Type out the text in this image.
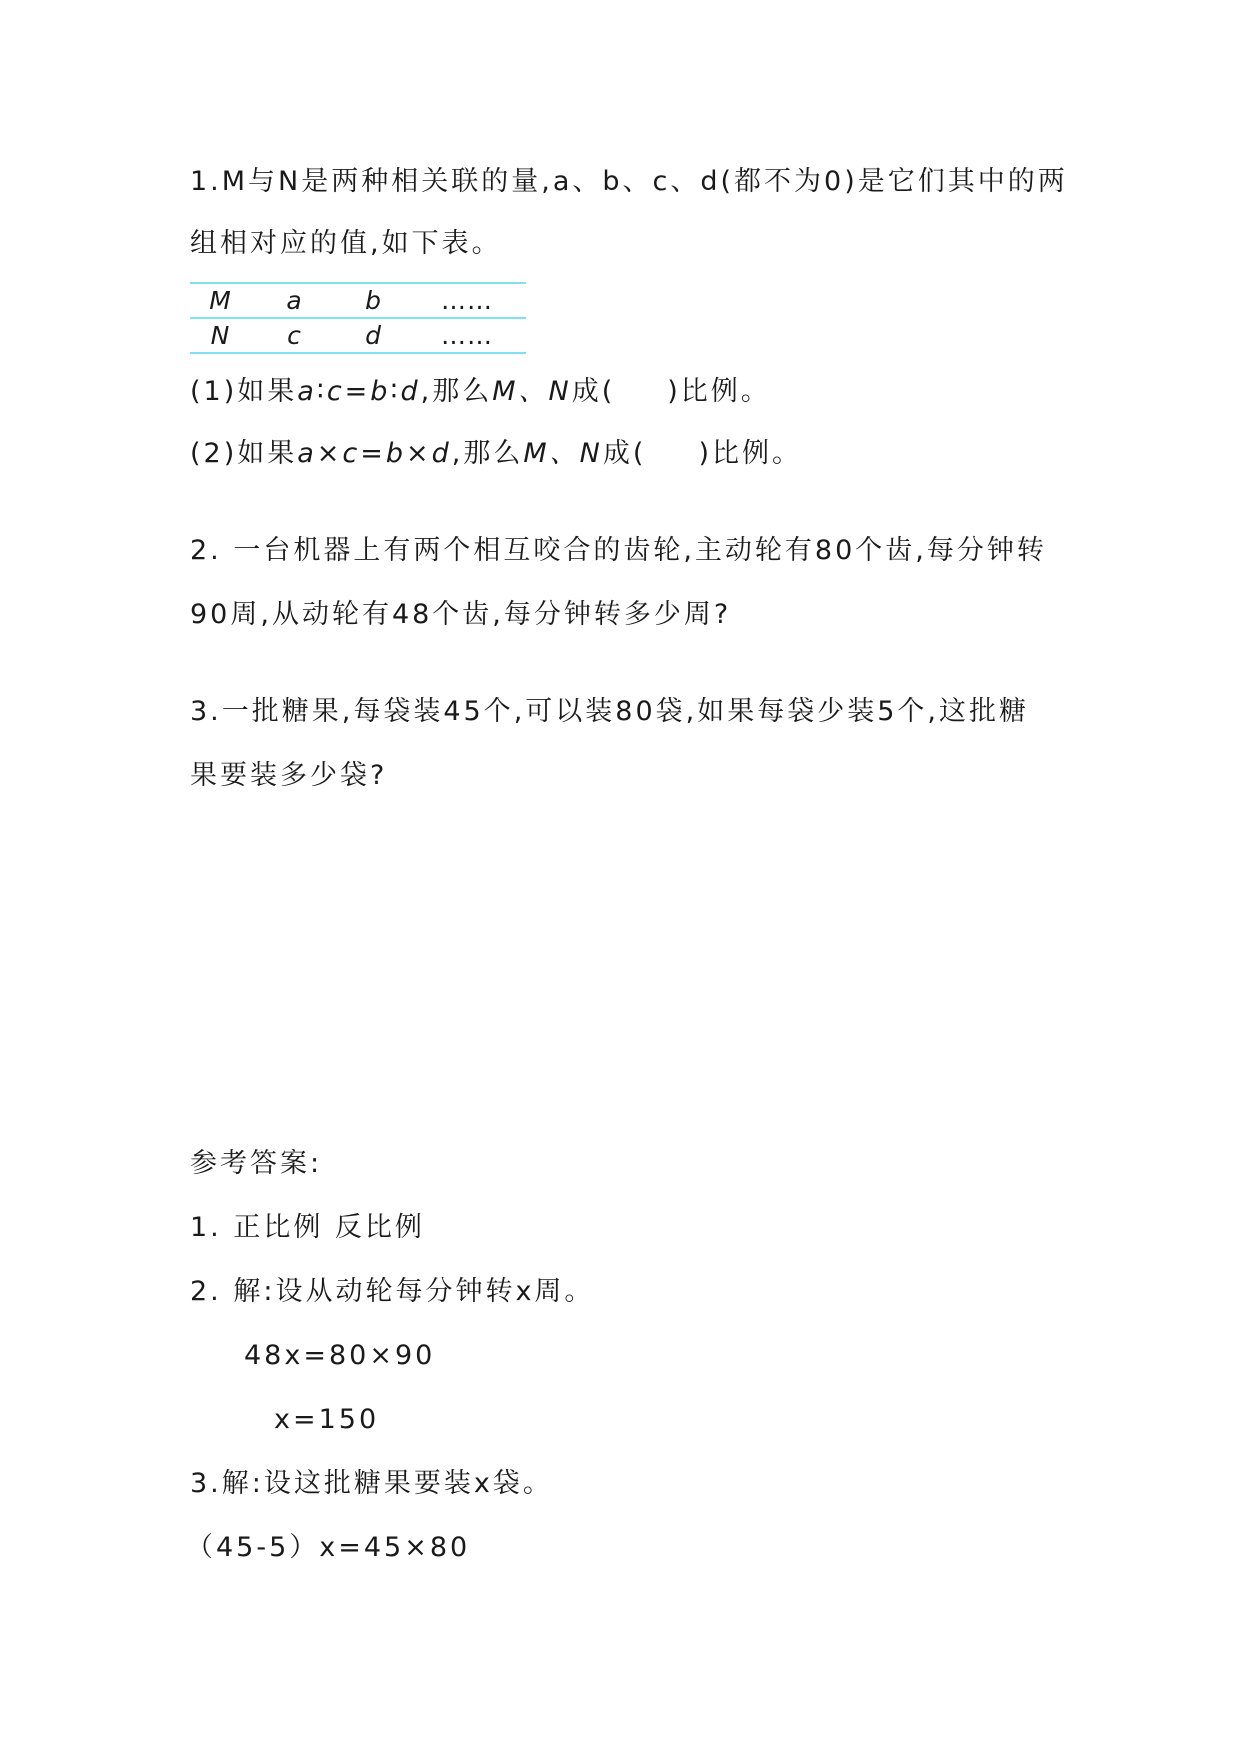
1.M与N是两种相关联的量,a、b、c、d(都不为0)是它们其中的两
组相对应的值,如下表。
M	a	b	……
N	c	d	……
(1)如果a∶c=b∶d,那么M、N成( )比例。
(2)如果a×c=b×d,那么M、N成( )比例。
2. 一台机器上有两个相互咬合的齿轮,主动轮有80个齿,每分钟转
90周,从动轮有48个齿,每分钟转多少周?
3.一批糖果,每袋装45个,可以装80袋,如果每袋少装5个,这批糖
果要装多少袋?
参考答案:
1. 正比例 反比例
2. 解:设从动轮每分钟转x周。
48x=80×90
x=150
3.解:设这批糖果要装x袋。
（45-5）x=45×80
